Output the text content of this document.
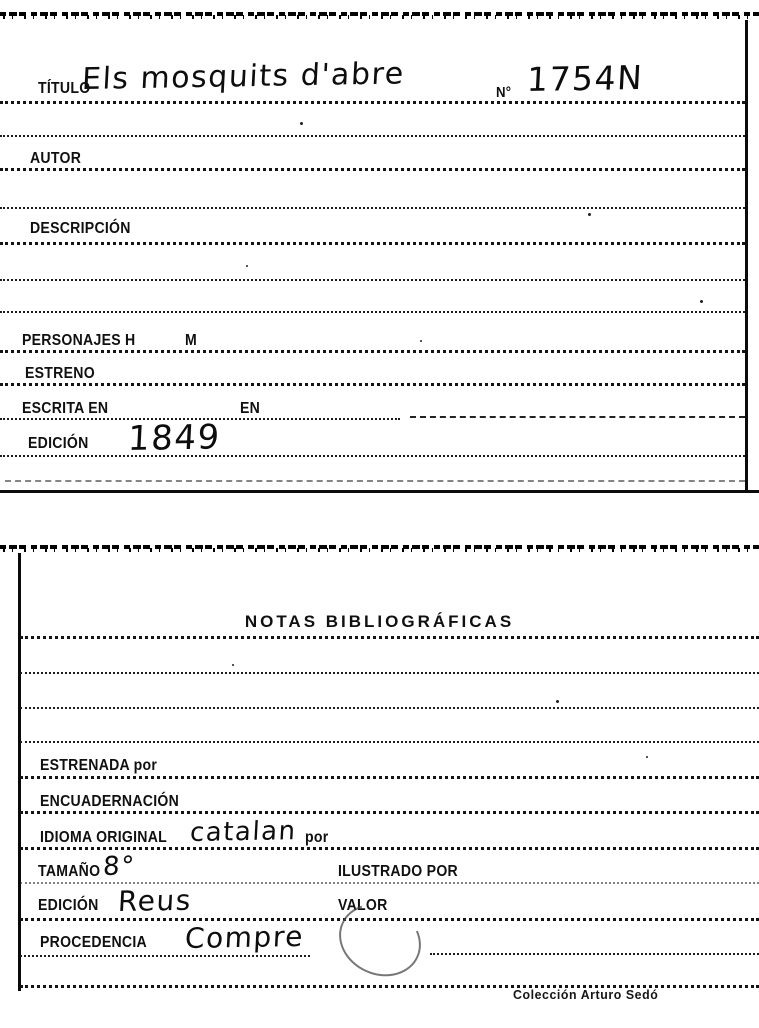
TÍTULO
Els mosquits d'abre	N° 1754N
AUTOR
DESCRIPCIÓN
PERSONAJES H	M
ESTRENO
ESCRITA EN	EN
EDICIÓN 1849
NOTAS BIBLIOGRÁFICAS
ESTRENADA por
ENCUADERNACIÓN
IDIOMA ORIGINAL catalan por
TAMAÑO 8°	ILUSTRADO POR
EDICIÓN Reus	VALOR
PROCEDENCIA Compre
Colección Arturo Sedó
